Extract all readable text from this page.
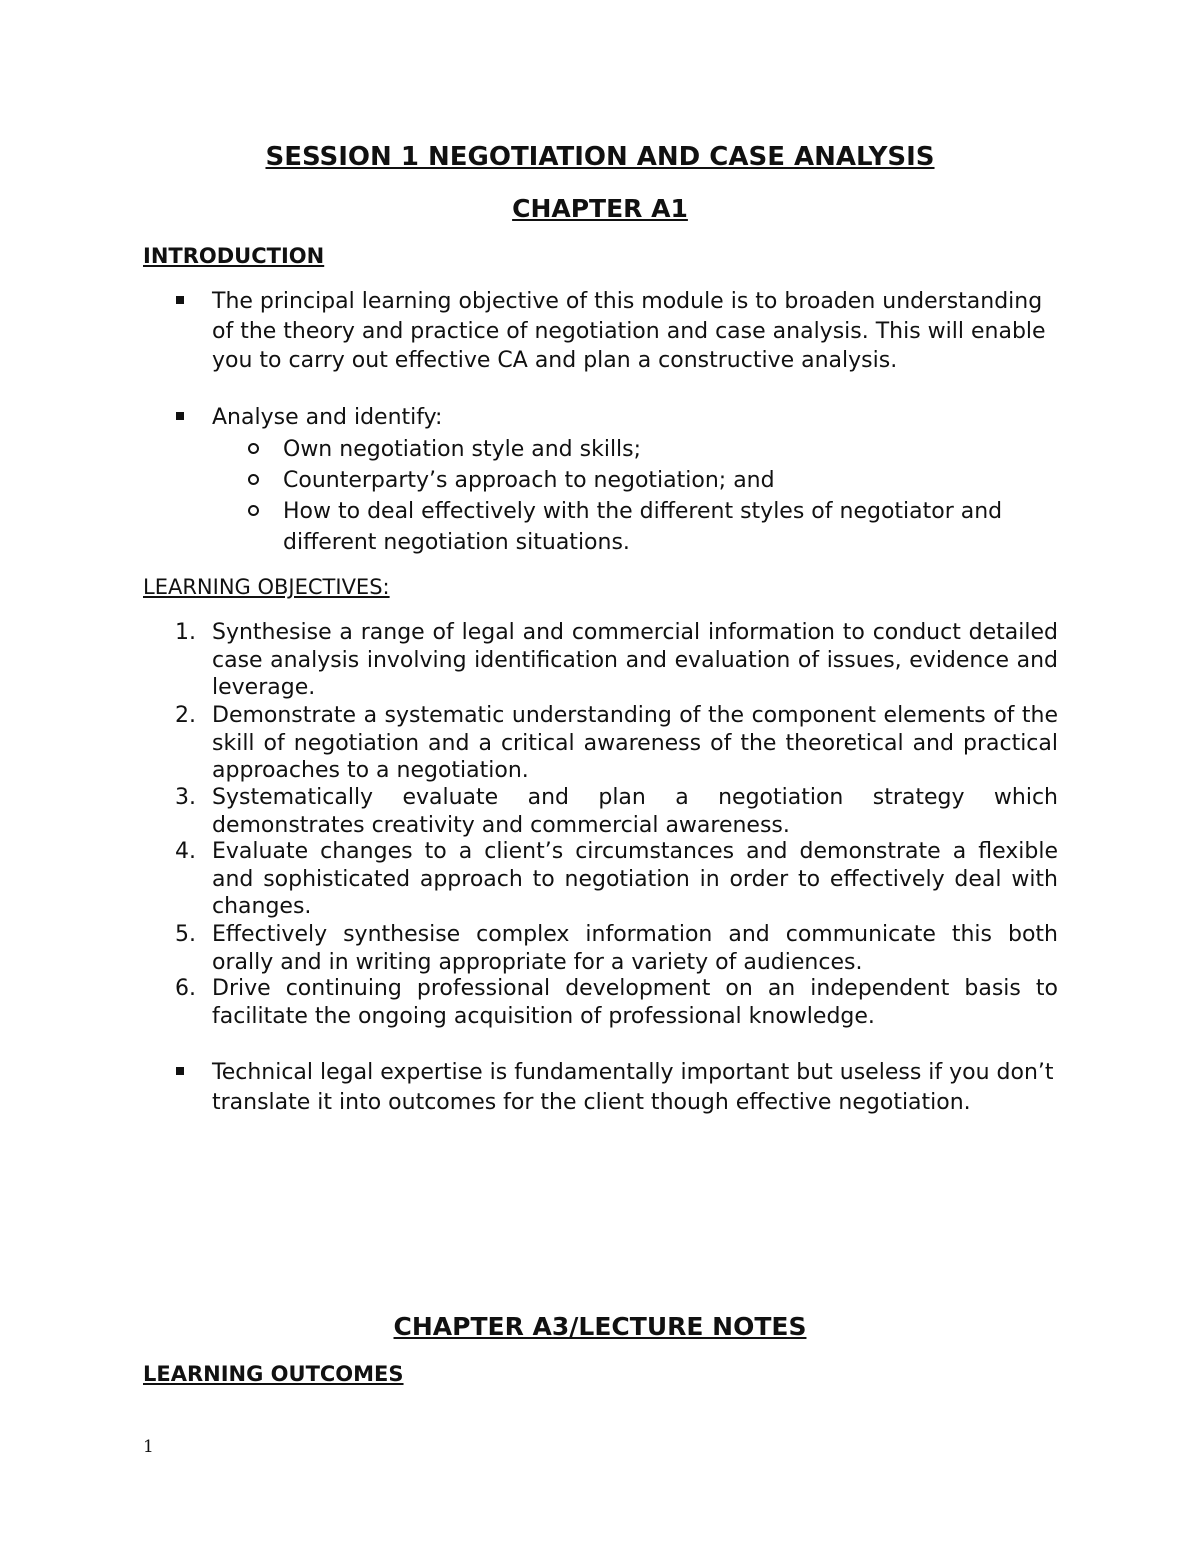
SESSION 1 NEGOTIATION AND CASE ANALYSIS
CHAPTER A1
INTRODUCTION

The principal learning objective of this module is to broaden understanding of the theory and practice of negotiation and case analysis. This will enable you to carry out effective CA and plan a constructive analysis.

Analyse and identify:

Own negotiation style and skills;

Counterparty’s approach to negotiation; and

How to deal effectively with the different styles of negotiator and different negotiation situations.

LEARNING OBJECTIVES:
1. Synthesise a range of legal and commercial information to conduct detailed case analysis involving identification and evaluation of issues, evidence and leverage.

2. Demonstrate a systematic understanding of the component elements of the skill of negotiation and a critical awareness of the theoretical and practical approaches to a negotiation.

3. Systematically evaluate and plan a negotiation strategy which demonstrates creativity and commercial awareness.

4. Evaluate changes to a client’s circumstances and demonstrate a flexible and sophisticated approach to negotiation in order to effectively deal with changes.

5. Effectively synthesise complex information and communicate this both orally and in writing appropriate for a variety of audiences.

6. Drive continuing professional development on an independent basis to facilitate the ongoing acquisition of professional knowledge.

Technical legal expertise is fundamentally important but useless if you don’t translate it into outcomes for the client though effective negotiation.

CHAPTER A3/LECTURE NOTES
LEARNING OUTCOMES
1
